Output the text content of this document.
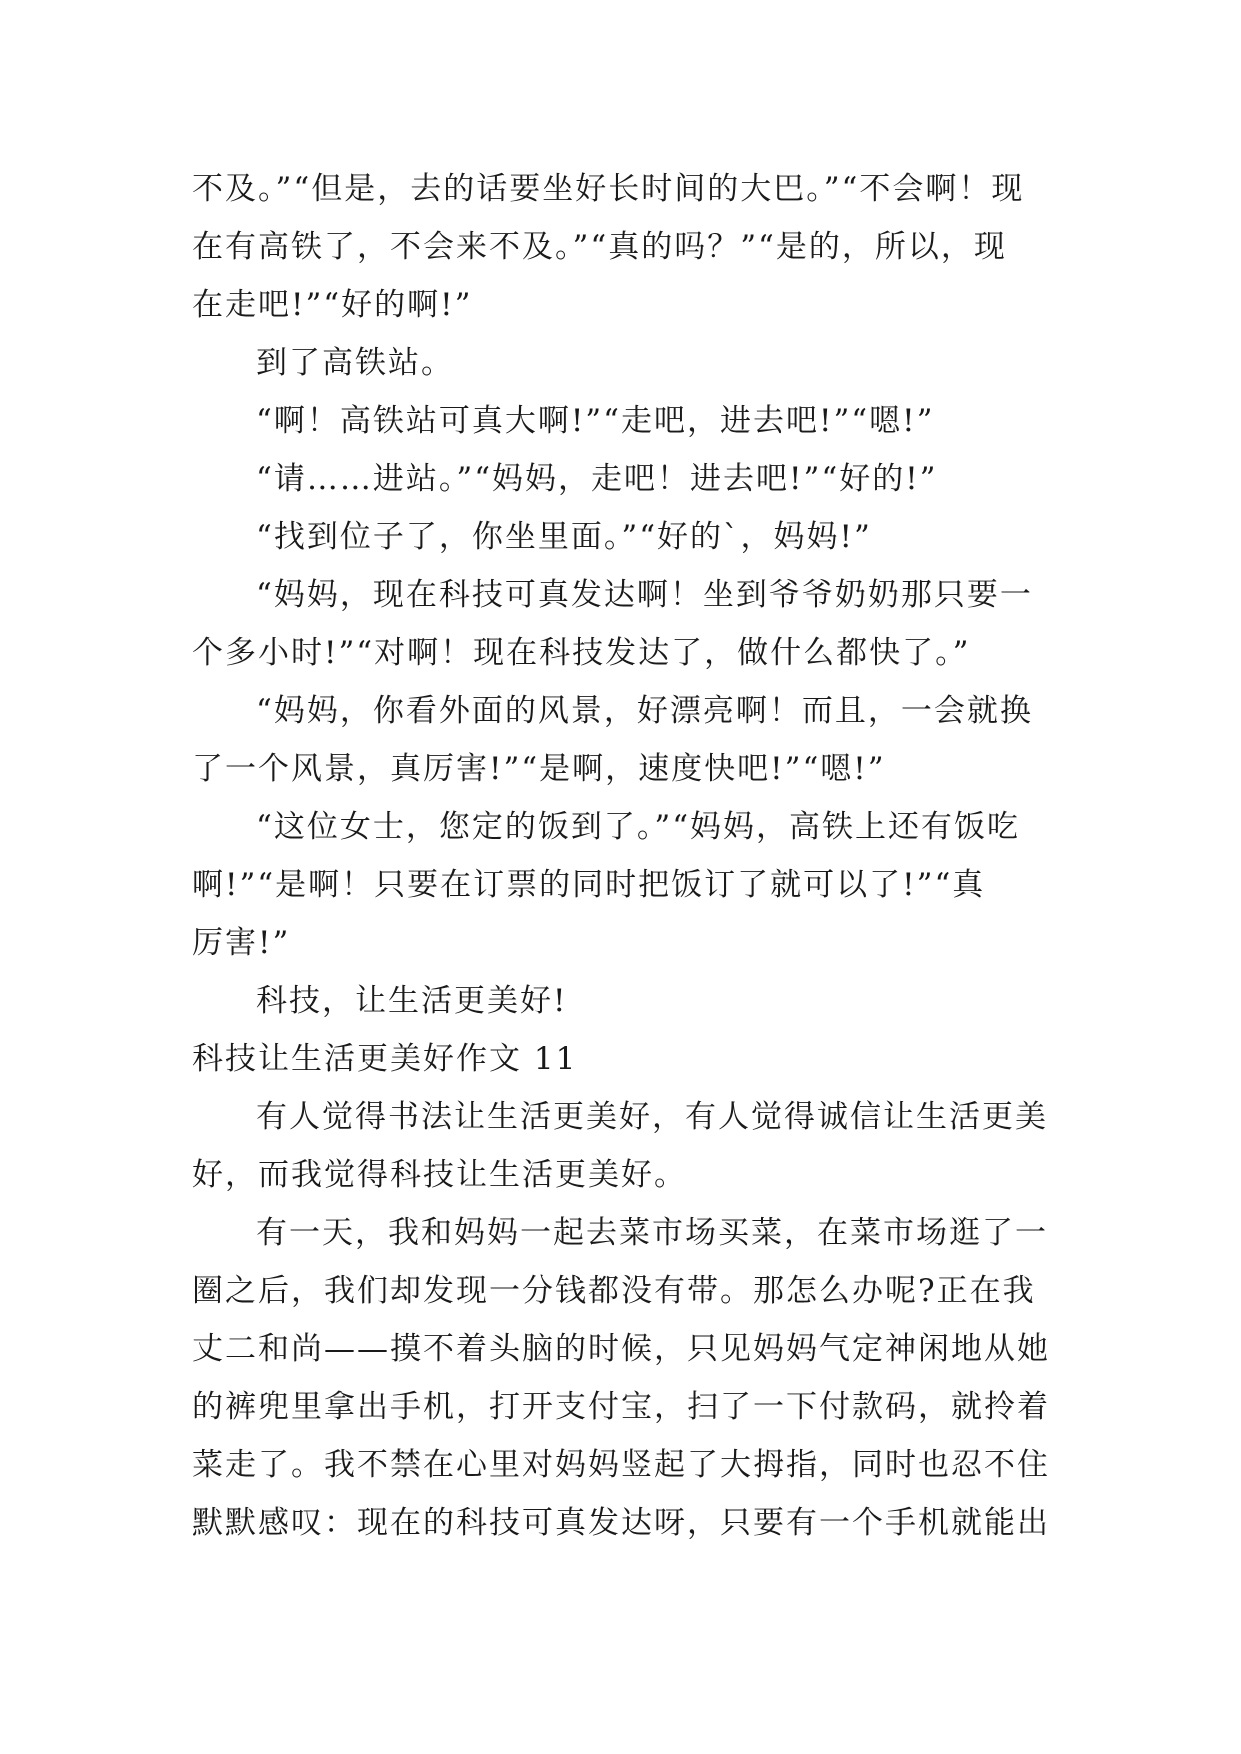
不及。”“但是，去的话要坐好长时间的大巴。”“不会啊！现
在有高铁了，不会来不及。”“真的吗？”“是的，所以，现
在走吧!”“好的啊!”
到了高铁站。
“啊！高铁站可真大啊!”“走吧，进去吧!”“嗯!”
“请……进站。”“妈妈，走吧！进去吧!”“好的!”
“找到位子了，你坐里面。”“好的`，妈妈!”
“妈妈，现在科技可真发达啊！坐到爷爷奶奶那只要一
个多小时!”“对啊！现在科技发达了，做什么都快了。”
“妈妈，你看外面的风景，好漂亮啊！而且，一会就换
了一个风景，真厉害!”“是啊，速度快吧!”“嗯!”
“这位女士，您定的饭到了。”“妈妈，高铁上还有饭吃
啊!”“是啊！只要在订票的同时把饭订了就可以了!”“真
厉害!”
科技，让生活更美好!
科技让生活更美好作文 11
有人觉得书法让生活更美好，有人觉得诚信让生活更美
好，而我觉得科技让生活更美好。
有一天，我和妈妈一起去菜市场买菜，在菜市场逛了一
圈之后，我们却发现一分钱都没有带。那怎么办呢?正在我
丈二和尚——摸不着头脑的时候，只见妈妈气定神闲地从她
的裤兜里拿出手机，打开支付宝，扫了一下付款码，就拎着
菜走了。我不禁在心里对妈妈竖起了大拇指，同时也忍不住
默默感叹：现在的科技可真发达呀，只要有一个手机就能出
